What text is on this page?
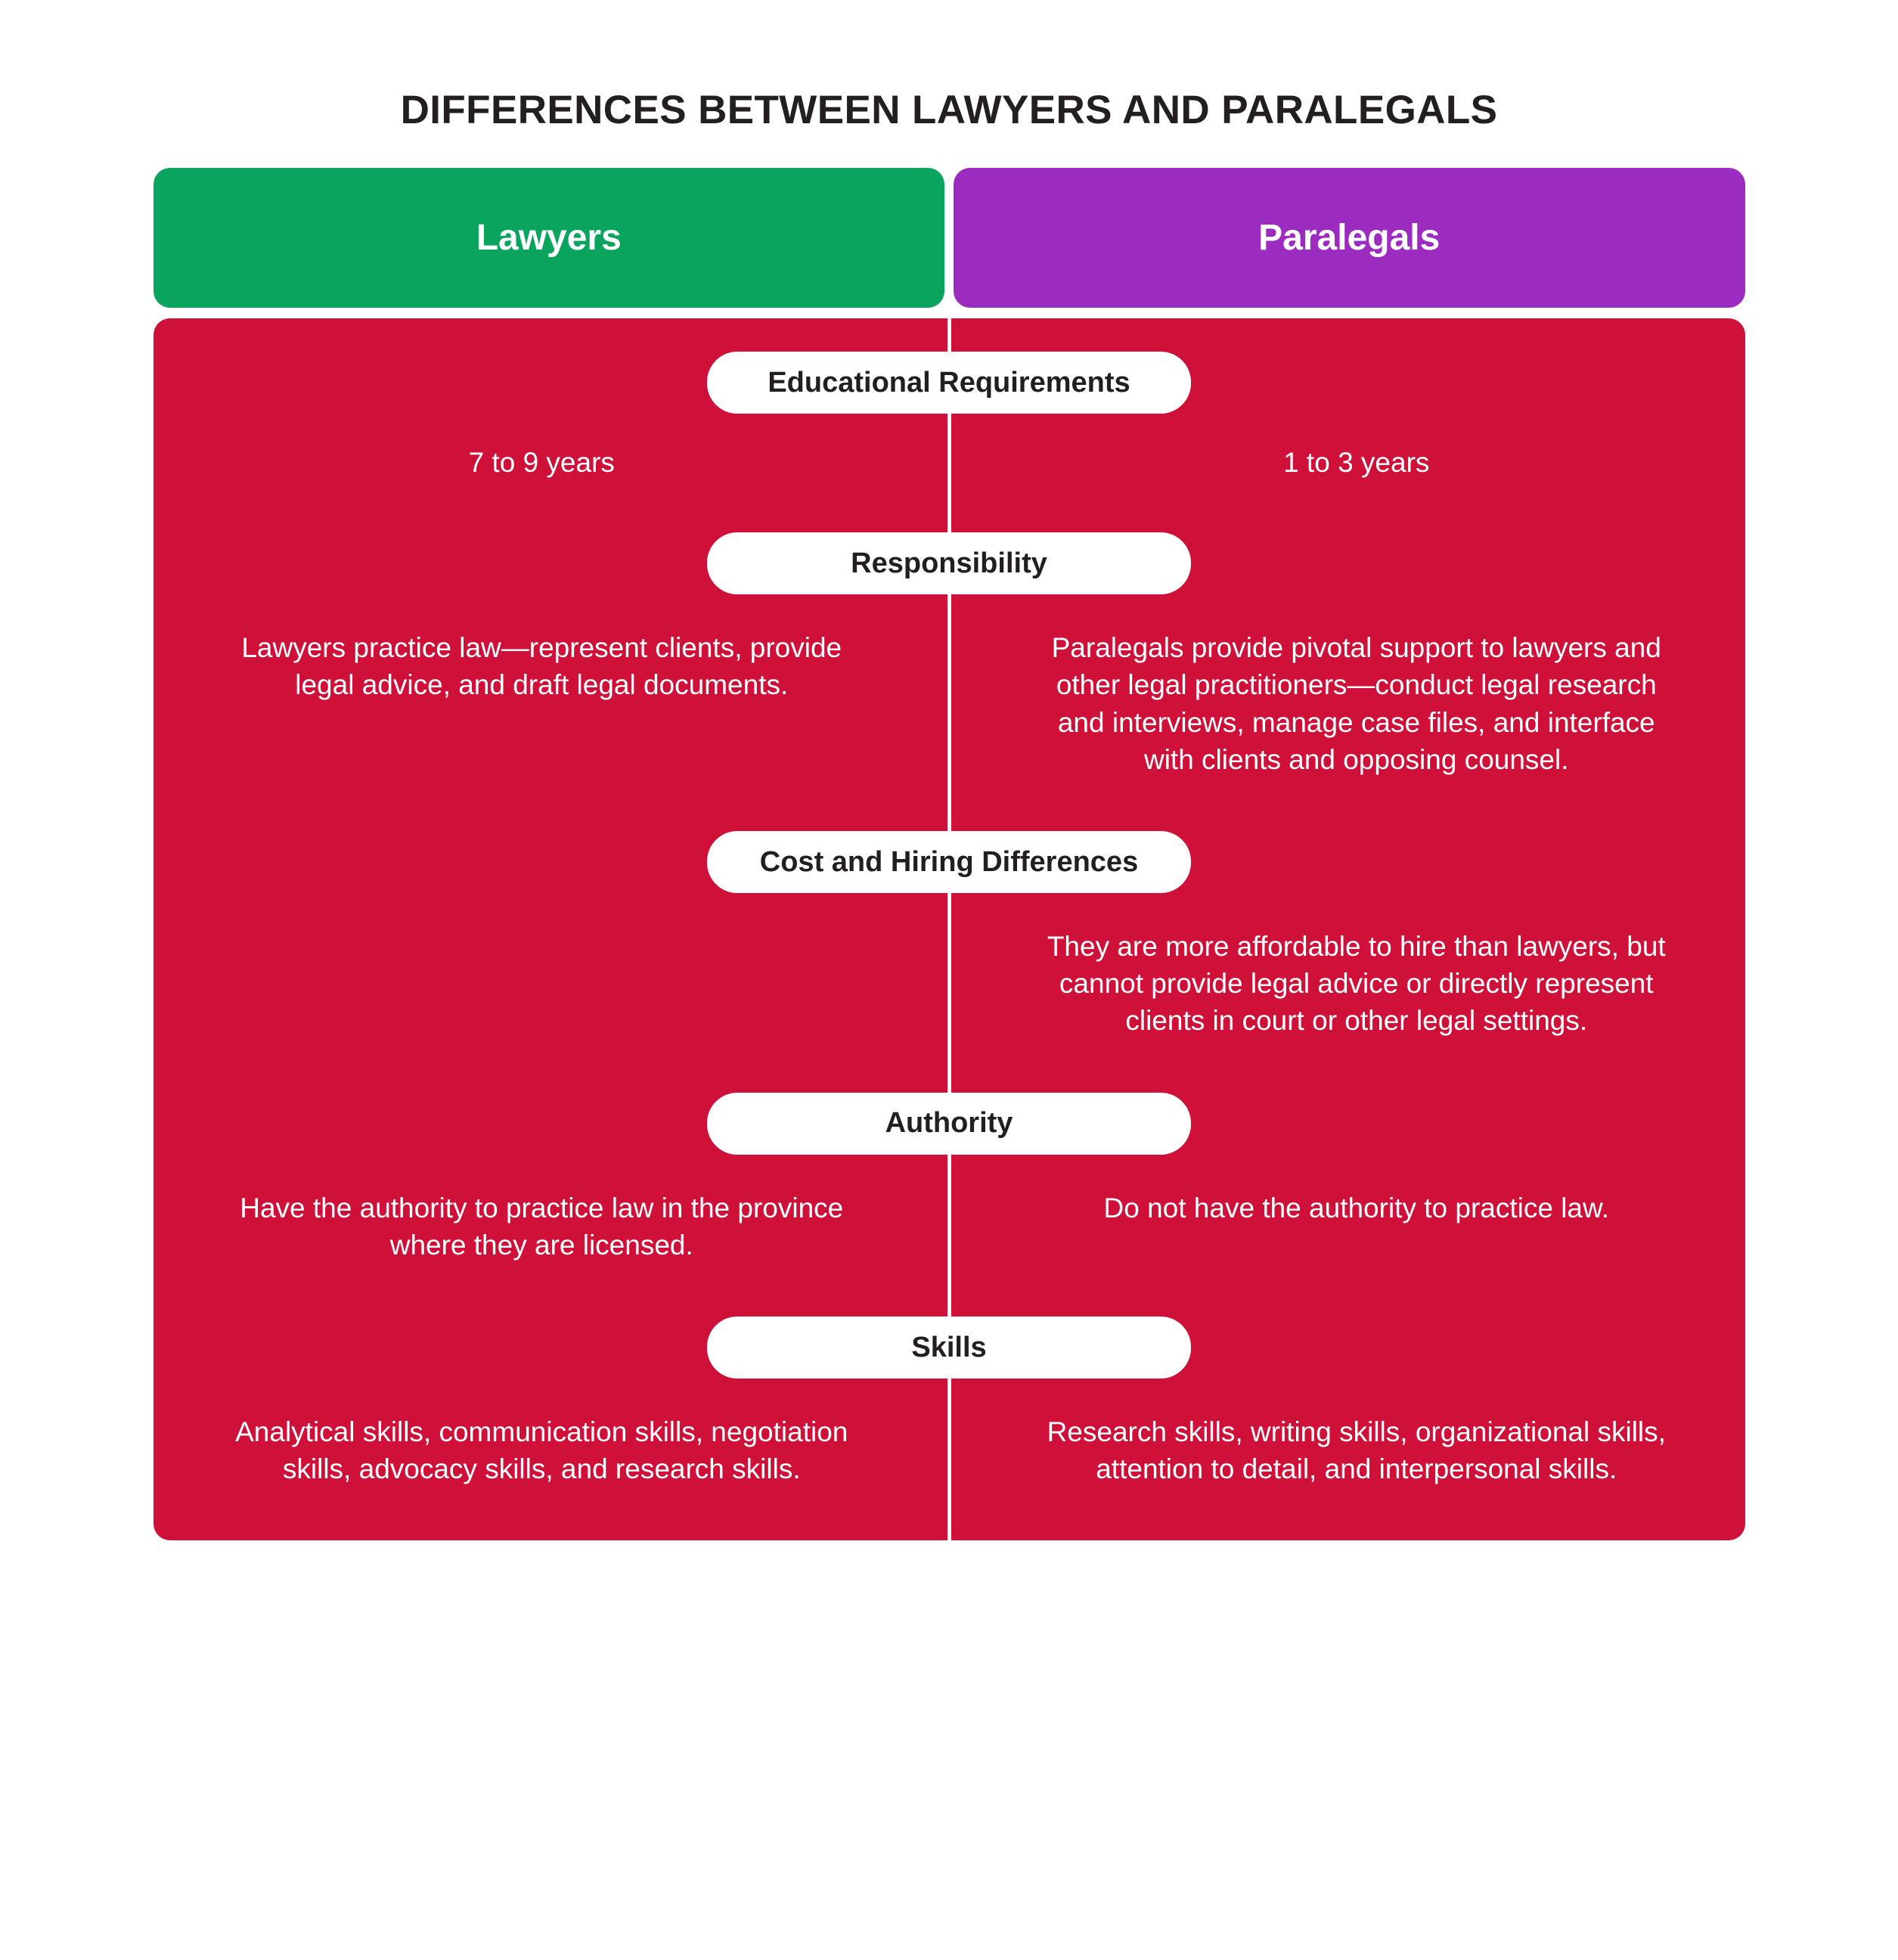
DIFFERENCES BETWEEN LAWYERS AND PARALEGALS
Lawyers	Paralegals
Educational Requirements
7 to 9 years	1 to 3 years
Responsibility
Lawyers practice law—represent clients, provide legal advice, and draft legal documents.
Paralegals provide pivotal support to lawyers and other legal practitioners—conduct legal research and interviews, manage case files, and interface with clients and opposing counsel.
Cost and Hiring Differences
They are more affordable to hire than lawyers, but cannot provide legal advice or directly represent clients in court or other legal settings.
Authority
Have the authority to practice law in the province where they are licensed.
Do not have the authority to practice law.
Skills
Analytical skills, communication skills, negotiation skills, advocacy skills, and research skills.
Research skills, writing skills, organizational skills, attention to detail, and interpersonal skills.
